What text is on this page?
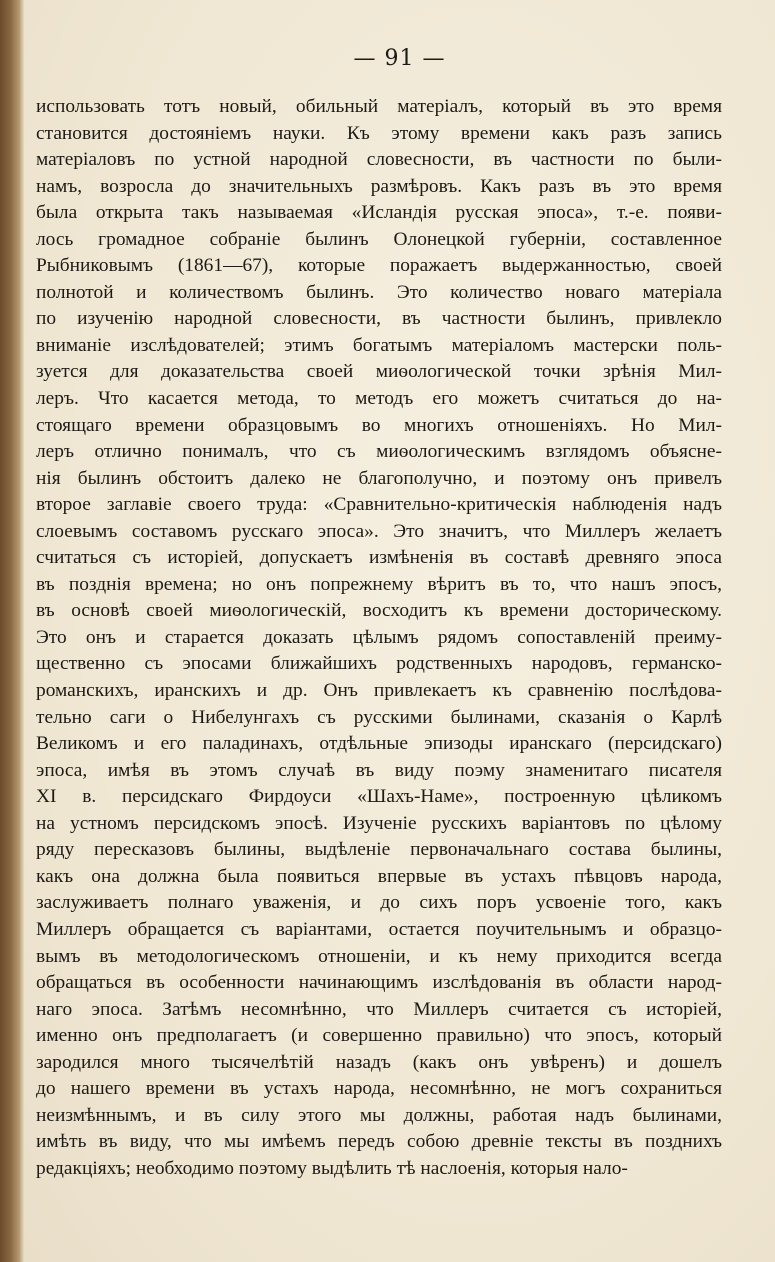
— 91 —
использовать тотъ новый, обильный матеріалъ, который въ это время
становится достояніемъ науки. Къ этому времени какъ разъ запись
матеріаловъ по устной народной словесности, въ частности по были-
намъ, возросла до значительныхъ размѣровъ. Какъ разъ въ это время
была открыта такъ называемая «Исландія русская эпоса», т.-е. появи-
лось громадное собраніе былинъ Олонецкой губерніи, составленное
Рыбниковымъ (1861—67), которые поражаетъ выдержанностью, своей
полнотой и количествомъ былинъ. Это количество новаго матеріала
по изученію народной словесности, въ частности былинъ, привлекло
вниманіе изслѣдователей; этимъ богатымъ матеріаломъ мастерски поль-
зуется для доказательства своей миѳологической точки зрѣнія Мил-
леръ. Что касается метода, то методъ его можетъ считаться до на-
стоящаго времени образцовымъ во многихъ отношеніяхъ. Но Мил-
леръ отлично понималъ, что съ миѳологическимъ взглядомъ объясне-
нія былинъ обстоитъ далеко не благополучно, и поэтому онъ привелъ
второе заглавіе своего труда: «Сравнительно-критическія наблюденія надъ
слоевымъ составомъ русскаго эпоса». Это значитъ, что Миллеръ желаетъ
считаться съ исторіей, допускаетъ измѣненія въ составѣ древняго эпоса
въ позднія времена; но онъ попрежнему вѣритъ въ то, что нашъ эпосъ,
въ основѣ своей миѳологическій, восходитъ къ времени досторическому.
Это онъ и старается доказать цѣлымъ рядомъ сопоставленій преиму-
щественно съ эпосами ближайшихъ родственныхъ народовъ, германско-
романскихъ, иранскихъ и др. Онъ привлекаетъ къ сравненію послѣдова-
тельно саги о Нибелунгахъ съ русскими былинами, сказанія о Карлѣ
Великомъ и его паладинахъ, отдѣльные эпизоды иранскаго (персидскаго)
эпоса, имѣя въ этомъ случаѣ въ виду поэму знаменитаго писателя
XI в. персидскаго Фирдоуси «Шахъ-Наме», построенную цѣликомъ
на устномъ персидскомъ эпосѣ. Изученіе русскихъ варіантовъ по цѣлому
ряду пересказовъ былины, выдѣленіе первоначальнаго состава былины,
какъ она должна была появиться впервые въ устахъ пѣвцовъ народа,
заслуживаетъ полнаго уваженія, и до сихъ поръ усвоеніе того, какъ
Миллеръ обращается съ варіантами, остается поучительнымъ и образцо-
вымъ въ методологическомъ отношеніи, и къ нему приходится всегда
обращаться въ особенности начинающимъ изслѣдованія въ области народ-
наго эпоса. Затѣмъ несомнѣнно, что Миллеръ считается съ исторіей,
именно онъ предполагаетъ (и совершенно правильно) что эпосъ, который
зародился много тысячелѣтій назадъ (какъ онъ увѣренъ) и дошелъ
до нашего времени въ устахъ народа, несомнѣнно, не могъ сохраниться
неизмѣннымъ, и въ силу этого мы должны, работая надъ былинами,
имѣть въ виду, что мы имѣемъ передъ собою древніе тексты въ позднихъ
редакціяхъ; необходимо поэтому выдѣлить тѣ наслоенія, которыя нало-
